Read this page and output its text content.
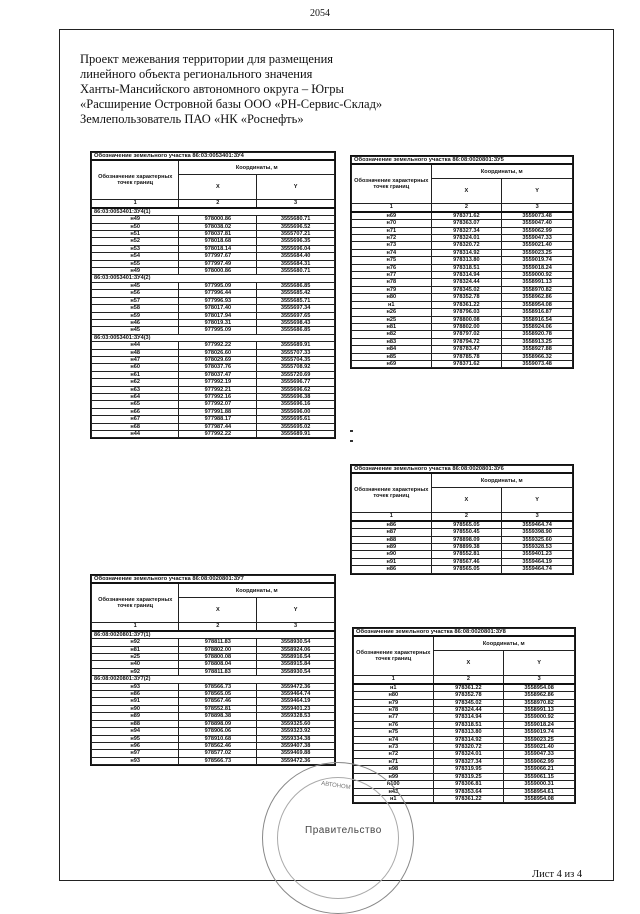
2054
Проект межевания территории для размещения
линейного объекта регионального значения
Ханты-Мансийского автономного округа – Югры
«Расширение Островной базы ООО «РН-Сервис-Склад»
Землепользователь ПАО «НК «Роснефть»
Обозначение земельного участка 86:03:0053401:ЗУ4		
Обозначение характерных точек границ	Координаты, м	
	X	Y
1	2	3
86:03:0053401:ЗУ4(1)		
н49	978000.86	3555680.71
н50	978038.02	3555696.52
н51	978037.81	3555707.21
н52	978018.68	3555696.35
н53	978018.14	3555696.04
н54	977997.67	3555684.40
н55	977997.49	3555684.31
н49	978000.86	3555680.71
86:03:0053401:ЗУ4(2)		
н45	977995.09	3555686.85
н56	977996.44	3555685.42
н57	977996.93	3555685.71
н58	978017.40	3555697.34
н59	978017.94	3555697.65
н46	978019.31	3555698.43
н45	977995.09	3555686.85
86:03:0053401:ЗУ4(3)		
н44	977992.22	3555689.91
н48	978026.60	3555707.33
н47	978029.69	3555704.35
н60	978037.76	3555708.92
н61	978037.47	3555720.69
н62	977992.19	3555696.77
н63	977992.21	3555696.62
н64	977992.16	3555696.38
н65	977992.07	3555696.16
н66	977991.88	3555696.00
н67	977988.17	3555695.61
н68	977987.44	3555695.02
н44	977992.22	3555689.91
Обозначение земельного участка 86:08:0020801:ЗУ5		
Обозначение характерных точек границ	Координаты, м	
	X	Y
1	2	3
н69	978371.62	3559073.48
н70	978363.07	3559047.40
н71	978327.34	3559062.99
н72	978324.01	3559047.33
н73	978320.72	3559021.40
н74	978314.92	3559023.25
н75	978313.80	3559019.74
н76	978318.51	3559018.24
н77	978314.94	3559000.92
н78	978324.44	3558991.13
н79	978345.02	3558970.82
н80	978352.78	3558962.86
н1	978361.22	3558954.08
н26	978796.03	3558916.87
н25	978800.08	3558916.54
н81	978802.00	3558924.06
н82	978797.02	3558920.78
н83	978794.72	3558913.25
н84	978783.47	3558927.88
н85	978785.78	3558966.32
н69	978371.62	3559073.48
Обозначение земельного участка 86:08:0020801:ЗУ6		
Обозначение характерных точек границ	Координаты, м	
	X	Y
1	2	3
н86	978565.05	3559464.74
н87	978550.45	3559398.90
н88	978898.09	3559325.60
н89	978899.38	3559328.53
н90	978552.81	3559401.23
н91	978567.46	3559464.19
н86	978565.05	3559464.74
Обозначение земельного участка 86:08:0020801:ЗУ7		
Обозначение характерных точек границ	Координаты, м	
	X	Y
1	2	3
86:08:0020801:ЗУ7(1)		
н92	978811.83	3558930.54
н81	978802.00	3558924.06
н25	978800.08	3558916.54
н40	978808.04	3558915.84
н92	978811.83	3558930.54
86:08:0020801:ЗУ7(2)		
н93	978566.73	3559472.36
н86	978565.05	3559464.74
н91	978567.46	3559464.19
н90	978552.81	3559401.23
н89	978898.38	3559328.53
н88	978898.09	3559325.60
н94	978906.06	3559323.92
н95	978910.68	3559334.38
н96	978562.46	3559407.38
н97	978577.02	3559469.88
н93	978566.73	3559472.36
Обозначение земельного участка 86:08:0020801:ЗУ8		
Обозначение характерных точек границ	Координаты, м	
	X	Y
1	2	3
н1	978361.22	3558954.08
н80	978352.78	3558962.86
н79	978345.02	3558970.82
н78	978324.44	3558991.13
н77	978314.94	3559000.92
н76	978318.51	3559018.24
н75	978313.80	3559019.74
н74	978314.92	3559023.25
н73	978320.72	3559021.40
н72	978324.01	3559047.33
н71	978327.34	3559062.99
н98	978319.95	3559066.21
н99	978319.25	3559061.15
н100	978306.81	3559000.31
н43	978353.64	3558954.61
н1	978361.22	3558954.08
АВТОНОМ
Правительство
Лист 4 из 4
